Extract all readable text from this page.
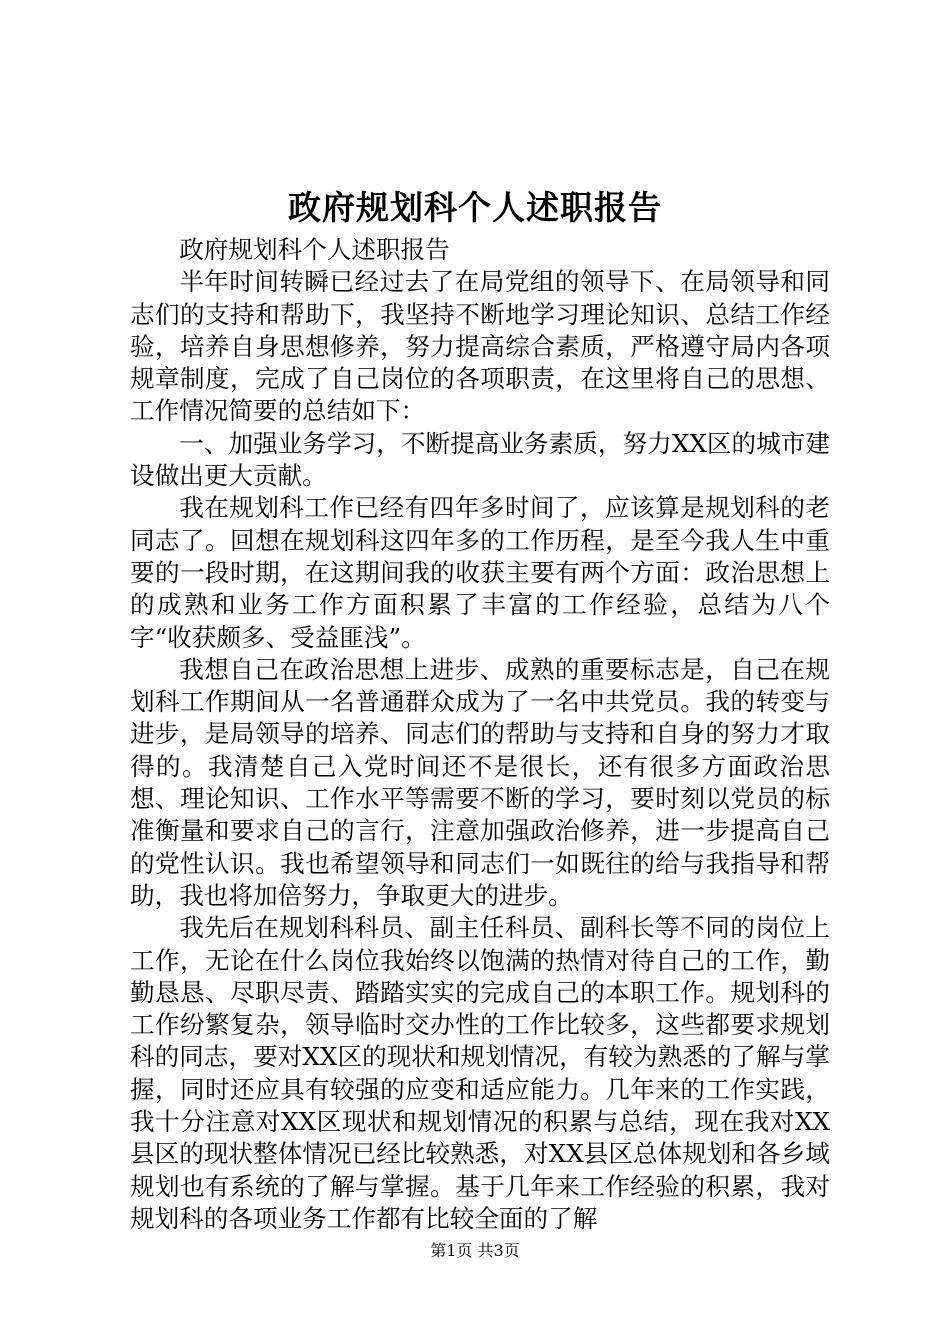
政府规划科个人述职报告

政府规划科个人述职报告

半年时间转瞬已经过去了在局党组的领导下、在局领导和同志们的支持和帮助下，我坚持不断地学习理论知识、总结工作经验，培养自身思想修养，努力提高综合素质，严格遵守局内各项规章制度，完成了自己岗位的各项职责，在这里将自己的思想、工作情况简要的总结如下：

一、加强业务学习，不断提高业务素质，努力XX区的城市建设做出更大贡献。

我在规划科工作已经有四年多时间了，应该算是规划科的老同志了。回想在规划科这四年多的工作历程，是至今我人生中重要的一段时期，在这期间我的收获主要有两个方面：政治思想上的成熟和业务工作方面积累了丰富的工作经验，总结为八个字“收获颇多、受益匪浅”。

我想自己在政治思想上进步、成熟的重要标志是，自己在规划科工作期间从一名普通群众成为了一名中共党员。我的转变与进步，是局领导的培养、同志们的帮助与支持和自身的努力才取得的。我清楚自己入党时间还不是很长，还有很多方面政治思想、理论知识、工作水平等需要不断的学习，要时刻以党员的标准衡量和要求自己的言行，注意加强政治修养，进一步提高自己的党性认识。我也希望领导和同志们一如既往的给与我指导和帮助，我也将加倍努力，争取更大的进步。

我先后在规划科科员、副主任科员、副科长等不同的岗位上工作，无论在什么岗位我始终以饱满的热情对待自己的工作，勤勤恳恳、尽职尽责、踏踏实实的完成自己的本职工作。规划科的工作纷繁复杂，领导临时交办性的工作比较多，这些都要求规划科的同志，要对XX区的现状和规划情况，有较为熟悉的了解与掌握，同时还应具有较强的应变和适应能力。几年来的工作实践，我十分注意对XX区现状和规划情况的积累与总结，现在我对XX县区的现状整体情况已经比较熟悉，对XX县区总体规划和各乡域规划也有系统的了解与掌握。基于几年来工作经验的积累，我对规划科的各项业务工作都有比较全面的了解

第1页 共3页
